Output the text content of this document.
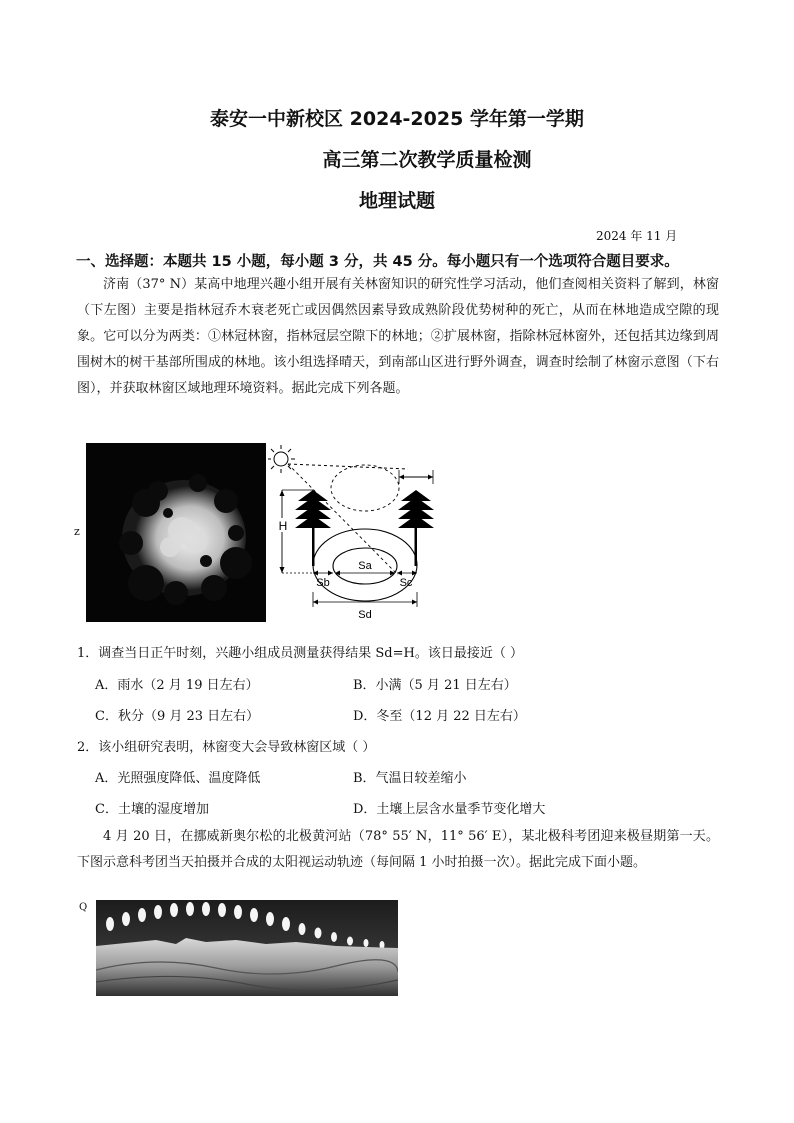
泰安一中新校区 2024-2025 学年第一学期
高三第二次教学质量检测
地理试题
2024 年 11 月
一、选择题：本题共 15 小题，每小题 3 分，共 45 分。每小题只有一个选项符合题目要求。
济南（37° N）某高中地理兴趣小组开展有关林窗知识的研究性学习活动，他们查阅相关资料了解到，林窗（下左图）主要是指林冠乔木衰老死亡或因偶然因素导致成熟阶段优势树种的死亡，从而在林地造成空隙的现象。它可以分为两类：①林冠林窗，指林冠层空隙下的林地；②扩展林窗，指除林冠林窗外，还包括其边缘到周围树木的树干基部所围成的林地。该小组选择晴天，到南部山区进行野外调查，调查时绘制了林窗示意图（下右图），并获取林窗区域地理环境资料。据此完成下列各题。
z	H
Sa
Sb	Sc
Sd
1．调查当日正午时刻，兴趣小组成员测量获得结果 Sd=H。该日最接近（ ）
A．雨水（2 月 19 日左右）	B．小满（5 月 21 日左右）
C．秋分（9 月 23 日左右）	D．冬至（12 月 22 日左右）
2．该小组研究表明，林窗变大会导致林窗区域（ ）
A．光照强度降低、温度降低	B．气温日较差缩小
C．土壤的湿度增加	D．土壤上层含水量季节变化增大
4 月 20 日，在挪威新奥尔松的北极黄河站（78° 55′ N，11° 56′ E），某北极科考团迎来极昼期第一天。下图示意科考团当天拍摄并合成的太阳视运动轨迹（每间隔 1 小时拍摄一次）。据此完成下面小题。
Q
